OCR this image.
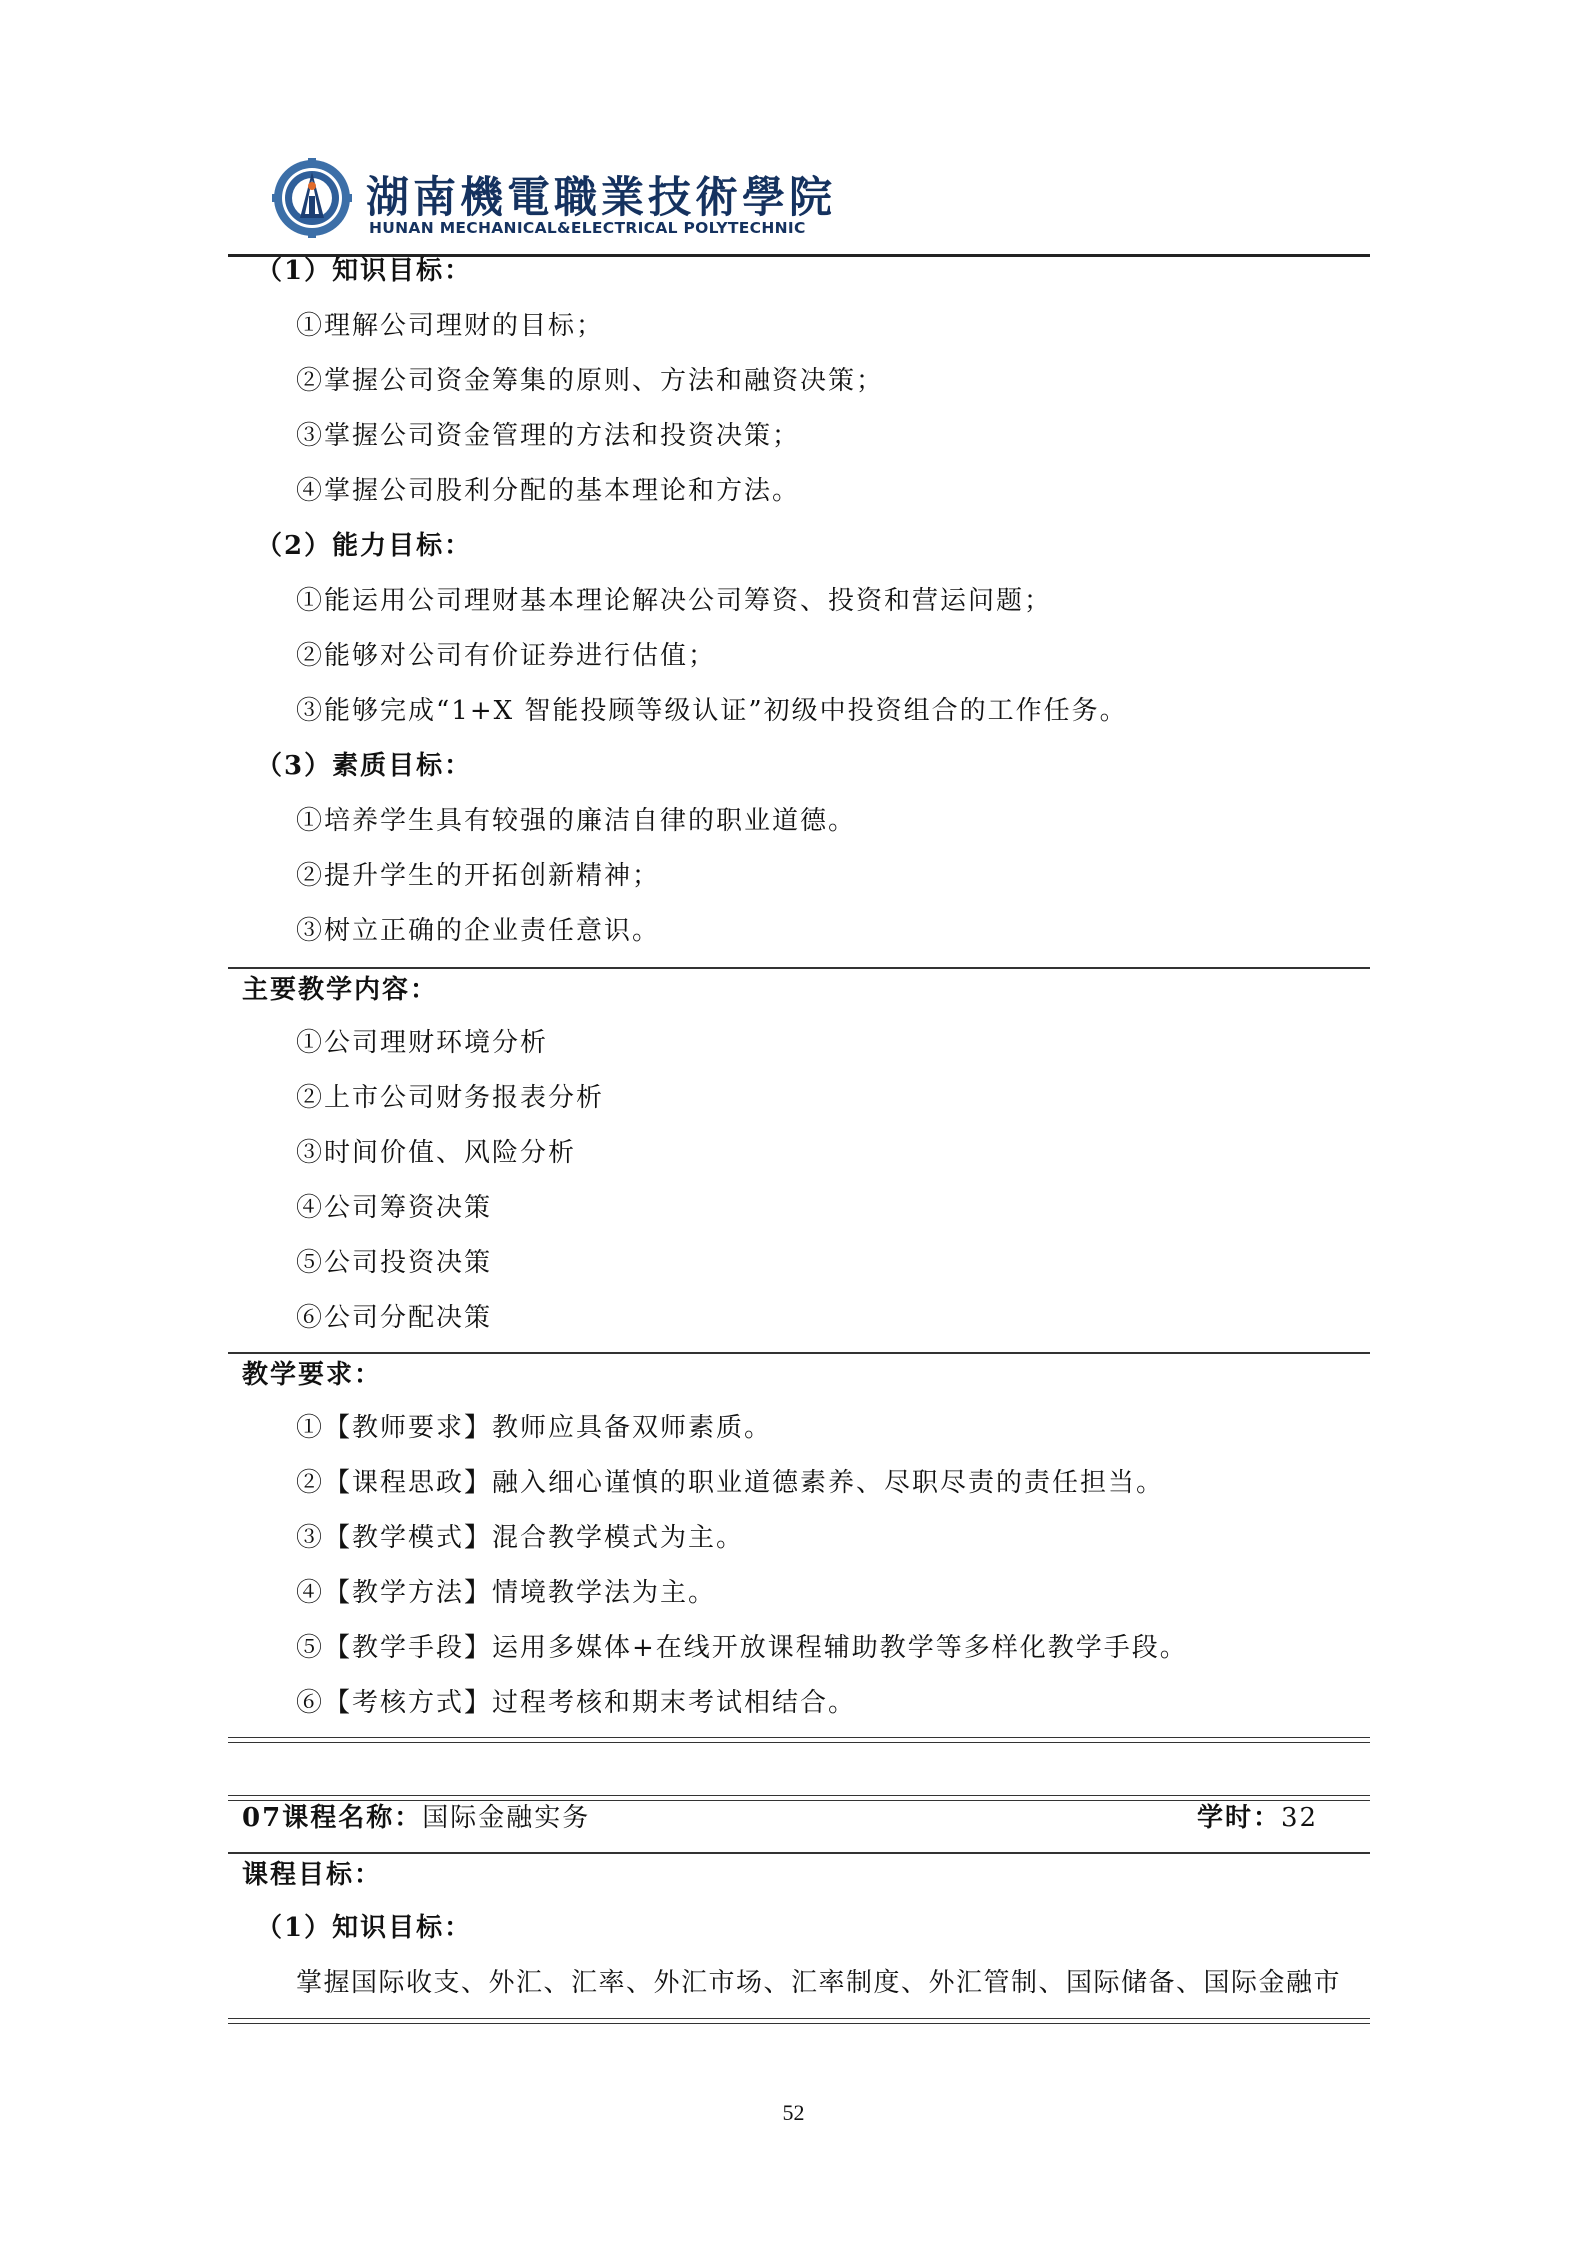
湖南機電職業技術學院
HUNAN MECHANICAL&ELECTRICAL POLYTECHNIC
（1）知识目标：
①理解公司理财的目标；
②掌握公司资金筹集的原则、方法和融资决策；
③掌握公司资金管理的方法和投资决策；
④掌握公司股利分配的基本理论和方法。
（2）能力目标：
①能运用公司理财基本理论解决公司筹资、投资和营运问题；
②能够对公司有价证券进行估值；
③能够完成“1+X 智能投顾等级认证”初级中投资组合的工作任务。
（3）素质目标：
①培养学生具有较强的廉洁自律的职业道德。
②提升学生的开拓创新精神；
③树立正确的企业责任意识。
主要教学内容：
①公司理财环境分析
②上市公司财务报表分析
③时间价值、风险分析
④公司筹资决策
⑤公司投资决策
⑥公司分配决策
教学要求：
①【教师要求】教师应具备双师素质。
②【课程思政】融入细心谨慎的职业道德素养、尽职尽责的责任担当。
③【教学模式】混合教学模式为主。
④【教学方法】情境教学法为主。
⑤【教学手段】运用多媒体+在线开放课程辅助教学等多样化教学手段。
⑥【考核方式】过程考核和期末考试相结合。
07课程名称：国际金融实务	学时：32
课程目标：
（1）知识目标：
掌握国际收支、外汇、汇率、外汇市场、汇率制度、外汇管制、国际储备、国际金融市
52
